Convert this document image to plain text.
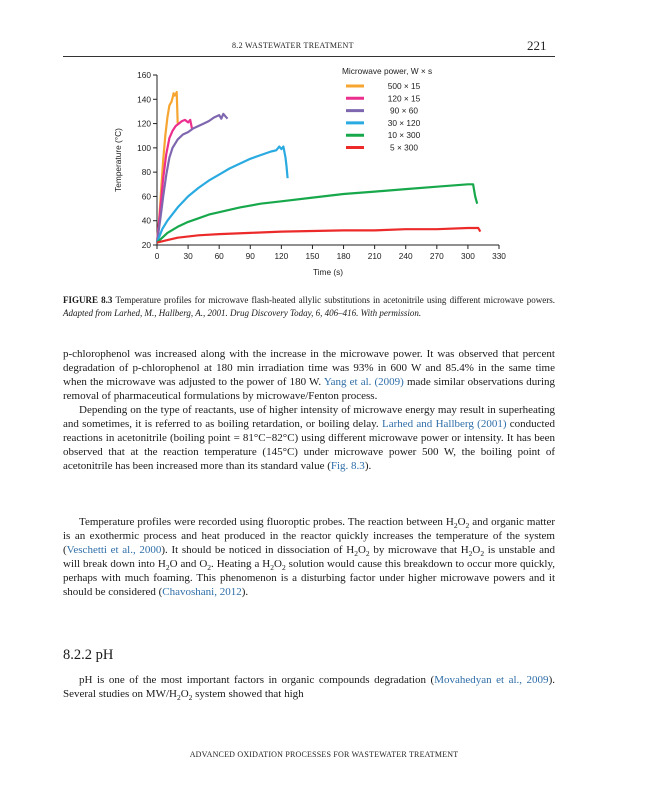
8.2 WASTEWATER TREATMENT	221
20
40
60
80
100
120
140
160
0	30	60	90 120 150 180 210 240 270 300 330
Time (s)
Temperature (°C)
Microwave power, W × s
500 × 15
120 × 15
90 × 60
30 × 120
10 × 300
5 × 300
FIGURE 8.3 Temperature profiles for microwave flash-heated allylic substitutions in acetonitrile using different microwave powers. Adapted from Larhed, M., Hallberg, A., 2001. Drug Discovery Today, 6, 406–416. With permission.

p-chlorophenol was increased along with the increase in the microwave power. It was observed that percent degradation of p-chlorophenol at 180 min irradiation time was 93% in 600 W and 85.4% in the same time when the microwave was adjusted to the power of 180 W. Yang et al. (2009) made similar observations during removal of pharmaceutical formulations by microwave/Fenton process.

Depending on the type of reactants, use of higher intensity of microwave energy may result in superheating and sometimes, it is referred to as boiling retardation, or boiling delay. Larhed and Hallberg (2001) conducted reactions in acetonitrile (boiling point = 81°C−82°C) using different microwave power or intensity. It has been observed that at the reaction temperature (145°C) under microwave power 500 W, the boiling point of acetonitrile has been increased more than its standard value (Fig. 8.3).

Temperature profiles were recorded using fluoroptic probes. The reaction between $H_2O_2$ and organic matter is an exothermic process and heat produced in the reactor quickly increases the temperature of the system (Veschetti et al., 2000). It should be noticed in dissociation of $H_2O_2$ by microwave that $H_2O_2$ is unstable and will break down into $H_2O$ and $O_2$. Heating a $H_2O_2$ solution would cause this breakdown to occur more quickly, perhaps with much foaming. This phenomenon is a disturbing factor under higher microwave powers and it should be considered (Chavoshani, 2012).

8.2.2 pH

pH is one of the most important factors in organic compounds degradation (Movahedyan et al., 2009). Several studies on $MW/H_2O_2$ system showed that high

ADVANCED OXIDATION PROCESSES FOR WASTEWATER TREATMENT
